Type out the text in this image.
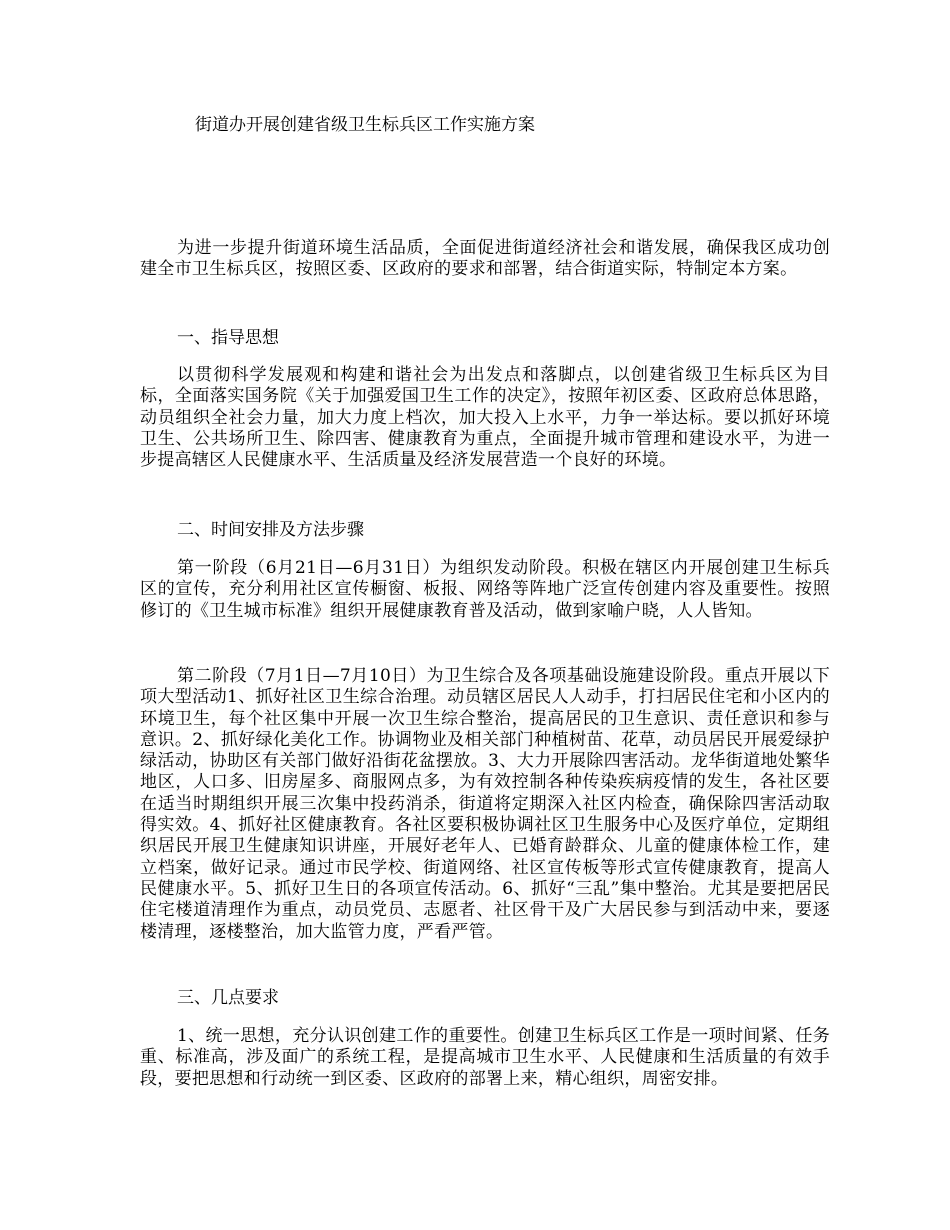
街道办开展创建省级卫生标兵区工作实施方案
为进一步提升街道环境生活品质，全面促进街道经济社会和谐发展，确保我区成功创建全市卫生标兵区，按照区委、区政府的要求和部署，结合街道实际，特制定本方案。
一、指导思想
以贯彻科学发展观和构建和谐社会为出发点和落脚点，以创建省级卫生标兵区为目标，全面落实国务院《关于加强爱国卫生工作的决定》，按照年初区委、区政府总体思路，动员组织全社会力量，加大力度上档次，加大投入上水平，力争一举达标。要以抓好环境卫生、公共场所卫生、除四害、健康教育为重点，全面提升城市管理和建设水平，为进一步提高辖区人民健康水平、生活质量及经济发展营造一个良好的环境。
二、时间安排及方法步骤
第一阶段（6月21日—6月31日）为组织发动阶段。积极在辖区内开展创建卫生标兵区的宣传，充分利用社区宣传橱窗、板报、网络等阵地广泛宣传创建内容及重要性。按照修订的《卫生城市标准》组织开展健康教育普及活动，做到家喻户晓，人人皆知。
第二阶段（7月1日—7月10日）为卫生综合及各项基础设施建设阶段。重点开展以下项大型活动1、抓好社区卫生综合治理。动员辖区居民人人动手，打扫居民住宅和小区内的环境卫生，每个社区集中开展一次卫生综合整治，提高居民的卫生意识、责任意识和参与意识。2、抓好绿化美化工作。协调物业及相关部门种植树苗、花草，动员居民开展爱绿护绿活动，协助区有关部门做好沿街花盆摆放。3、大力开展除四害活动。龙华街道地处繁华地区，人口多、旧房屋多、商服网点多，为有效控制各种传染疾病疫情的发生，各社区要在适当时期组织开展三次集中投药消杀，街道将定期深入社区内检查，确保除四害活动取得实效。4、抓好社区健康教育。各社区要积极协调社区卫生服务中心及医疗单位，定期组织居民开展卫生健康知识讲座，开展好老年人、已婚育龄群众、儿童的健康体检工作，建立档案，做好记录。通过市民学校、街道网络、社区宣传板等形式宣传健康教育，提高人民健康水平。5、抓好卫生日的各项宣传活动。6、抓好“三乱”集中整治。尤其是要把居民住宅楼道清理作为重点，动员党员、志愿者、社区骨干及广大居民参与到活动中来，要逐楼清理，逐楼整治，加大监管力度，严看严管。
三、几点要求
1、统一思想，充分认识创建工作的重要性。创建卫生标兵区工作是一项时间紧、任务重、标准高，涉及面广的系统工程，是提高城市卫生水平、人民健康和生活质量的有效手段，要把思想和行动统一到区委、区政府的部署上来，精心组织，周密安排。
